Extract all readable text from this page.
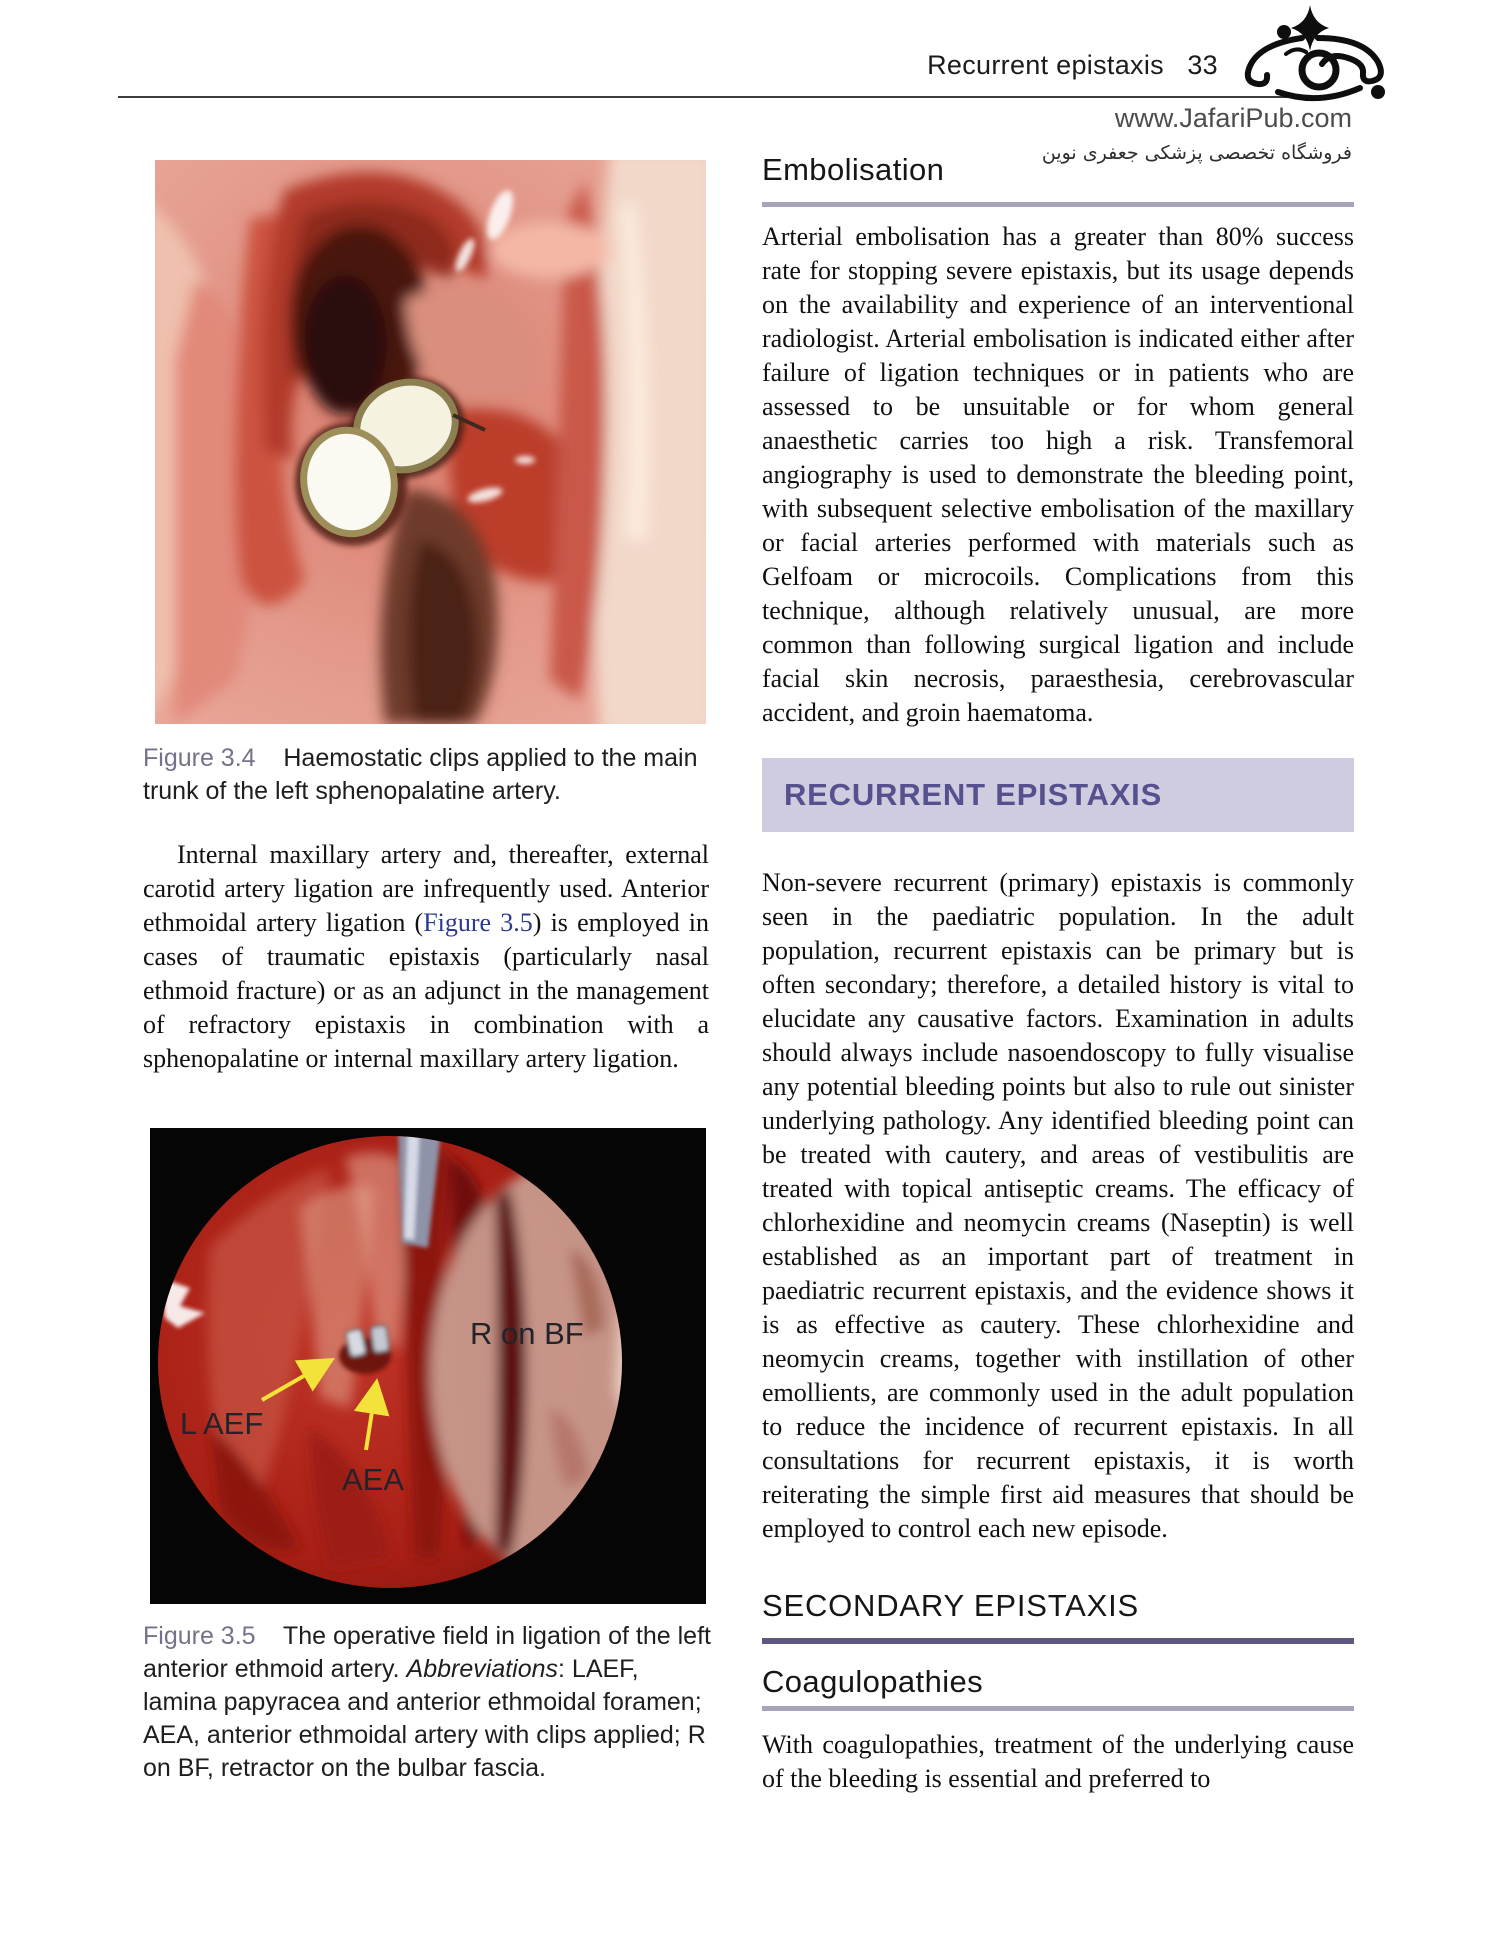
Recurrent epistaxis 33
www.JafariPub.com
فروشگاه تخصصی پزشکی جعفری نوین
Figure 3.4 Haemostatic clips applied to the main trunk of the left sphenopalatine artery.

Internal maxillary artery and, thereafter, external carotid artery ligation are infrequently used. Anterior ethmoidal artery ligation (Figure 3.5) is employed in cases of traumatic epistaxis (particularly nasal ethmoid fracture) or as an adjunct in the management of refractory epistaxis in combination with a sphenopalatine or internal maxillary artery ligation.

R on BF
L AEF
AEA
Figure 3.5 The operative field in ligation of the left anterior ethmoid artery. Abbreviations: LAEF, lamina papyracea and anterior ethmoidal foramen; AEA, anterior ethmoidal artery with clips applied; R on BF, retractor on the bulbar fascia.
Embolisation

Arterial embolisation has a greater than 80% success rate for stopping severe epistaxis, but its usage depends on the availability and experience of an interventional radiologist. Arterial embolisation is indicated either after failure of ligation techniques or in patients who are assessed to be unsuitable or for whom general anaesthetic carries too high a risk. Transfemoral angiography is used to demonstrate the bleeding point, with subsequent selective embolisation of the maxillary or facial arteries performed with materials such as Gelfoam or microcoils. Complications from this technique, although relatively unusual, are more common than following surgical ligation and include facial skin necrosis, paraesthesia, cerebrovascular accident, and groin haematoma.

RECURRENT EPISTAXIS

Non-severe recurrent (primary) epistaxis is commonly seen in the paediatric population. In the adult population, recurrent epistaxis can be primary but is often secondary; therefore, a detailed history is vital to elucidate any causative factors. Examination in adults should always include nasoendoscopy to fully visualise any potential bleeding points but also to rule out sinister underlying pathology. Any identified bleeding point can be treated with cautery, and areas of vestibulitis are treated with topical antiseptic creams. The efficacy of chlorhexidine and neomycin creams (Naseptin) is well established as an important part of treatment in paediatric recurrent epistaxis, and the evidence shows it is as effective as cautery. These chlorhexidine and neomycin creams, together with instillation of other emollients, are commonly used in the adult population to reduce the incidence of recurrent epistaxis. In all consultations for recurrent epistaxis, it is worth reiterating the simple first aid measures that should be employed to control each new episode.

SECONDARY EPISTAXIS
Coagulopathies

With coagulopathies, treatment of the underlying cause of the bleeding is essential and preferred to
